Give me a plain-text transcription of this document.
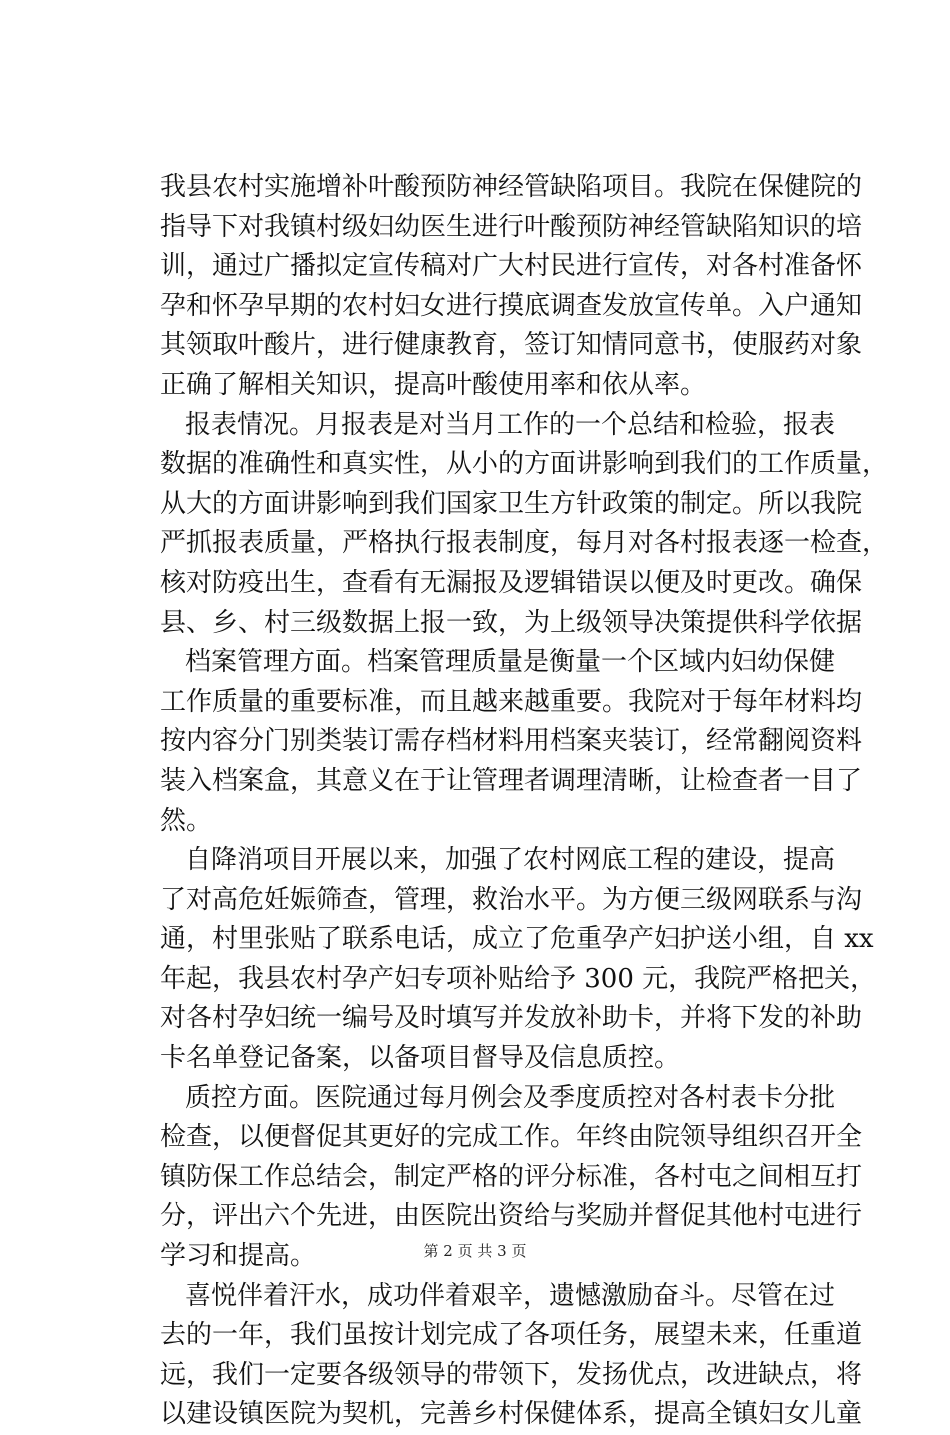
我县农村实施增补叶酸预防神经管缺陷项目。我院在保健院的
指导下对我镇村级妇幼医生进行叶酸预防神经管缺陷知识的培
训，通过广播拟定宣传稿对广大村民进行宣传，对各村准备怀
孕和怀孕早期的农村妇女进行摸底调查发放宣传单。入户通知
其领取叶酸片，进行健康教育，签订知情同意书，使服药对象
正确了解相关知识，提高叶酸使用率和依从率。
报表情况。月报表是对当月工作的一个总结和检验，报表
数据的准确性和真实性，从小的方面讲影响到我们的工作质量，
从大的方面讲影响到我们国家卫生方针政策的制定。所以我院
严抓报表质量，严格执行报表制度，每月对各村报表逐一检查，
核对防疫出生，查看有无漏报及逻辑错误以便及时更改。确保
县、乡、村三级数据上报一致，为上级领导决策提供科学依据
档案管理方面。档案管理质量是衡量一个区域内妇幼保健
工作质量的重要标准，而且越来越重要。我院对于每年材料均
按内容分门别类装订需存档材料用档案夹装订，经常翻阅资料
装入档案盒，其意义在于让管理者调理清晰，让检查者一目了
然。
自降消项目开展以来，加强了农村网底工程的建设，提高
了对高危妊娠筛查，管理，救治水平。为方便三级网联系与沟
通，村里张贴了联系电话，成立了危重孕产妇护送小组，自 xx
年起，我县农村孕产妇专项补贴给予 300 元，我院严格把关，
对各村孕妇统一编号及时填写并发放补助卡，并将下发的补助
卡名单登记备案，以备项目督导及信息质控。
质控方面。医院通过每月例会及季度质控对各村表卡分批
检查，以便督促其更好的完成工作。年终由院领导组织召开全
镇防保工作总结会，制定严格的评分标准，各村屯之间相互打
分，评出六个先进，由医院出资给与奖励并督促其他村屯进行
学习和提高。
喜悦伴着汗水，成功伴着艰辛，遗憾激励奋斗。尽管在过
去的一年，我们虽按计划完成了各项任务，展望未来，任重道
远，我们一定要各级领导的带领下，发扬优点，改进缺点，将
以建设镇医院为契机，完善乡村保健体系，提高全镇妇女儿童
第 2 页 共 3 页
